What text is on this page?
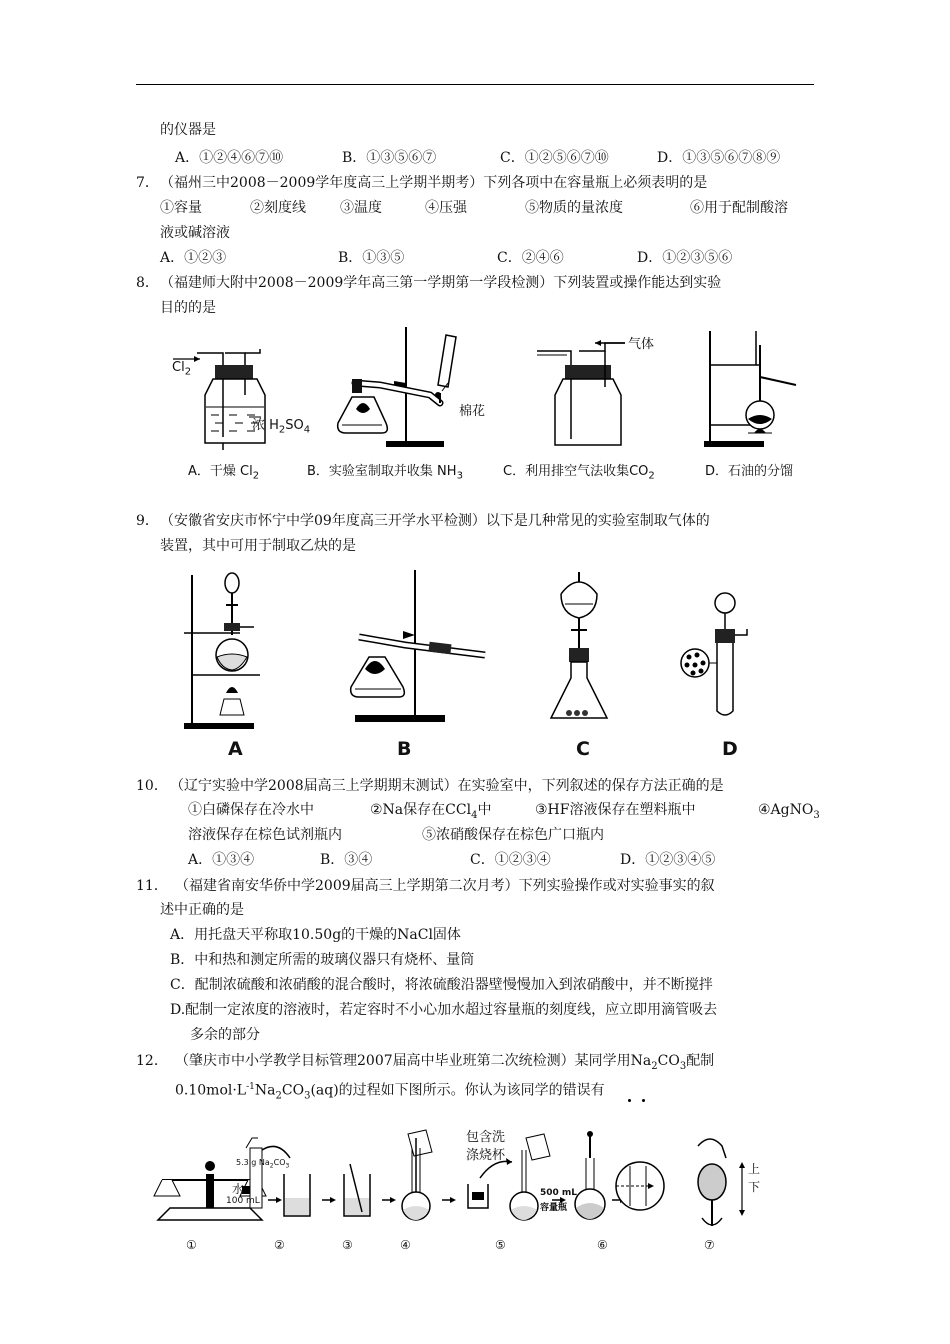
的仪器是
A．①②④⑥⑦⑩	B．①③⑤⑥⑦	C．①②⑤⑥⑦⑩	D．①③⑤⑥⑦⑧⑨
7． （福州三中2008－2009学年度高三上学期半期考）下列各项中在容量瓶上必须表明的是
①容量	②刻度线 ③温度	④压强	⑤物质的量浓度	⑥用于配制酸溶
液或碱溶液
A．①②③	B．①③⑤	C．②④⑥	D．①②③⑤⑥
8． （福建师大附中2008－2009学年高三第一学期第一学段检测）下列装置或操作能达到实验
目的的是
$Cl_2$
浓 $H_2SO_4$
棉花
气体
A．干燥 $Cl_2$	B．实验室制取并收集 $NH_3$	C．利用排空气法收集$CO_2$	D．石油的分馏
9． （安徽省安庆市怀宁中学09年度高三开学水平检测）以下是几种常见的实验室制取气体的
装置，其中可用于制取乙炔的是
A	B	C	D
10． （辽宁实验中学2008届高三上学期期末测试）在实验室中，下列叙述的保存方法正确的是
①白磷保存在冷水中	②Na保存在CCl$_4$中	③HF溶液保存在塑料瓶中	④AgNO$_3$
溶液保存在棕色试剂瓶内	⑤浓硝酸保存在棕色广口瓶内
A．①③④	B．③④	C．①②③④	D．①②③④⑤
11． （福建省南安华侨中学2009届高三上学期第二次月考）下列实验操作或对实验事实的叙
述中正确的是
A．用托盘天平称取10.50g的干燥的NaCl固体
B．中和热和测定所需的玻璃仪器只有烧杯、量筒
C．配制浓硫酸和浓硝酸的混合酸时，将浓硫酸沿器壁慢慢加入到浓硝酸中，并不断搅拌
D.配制一定浓度的溶液时，若定容时不小心加水超过容量瓶的刻度线，应立即用滴管吸去
多余的部分
12． （肇庆市中小学教学目标管理2007届高中毕业班第二次统检测）某同学用$Na_2CO_3$配制
$0.10mol\cdot L^{-1}Na_2CO_3(aq)$的过程如下图所示。你认为该同学的错误有
5.3 g $Na_2CO_3$
水
100 mL
包含洗
涤烧杯
500 mL
容量瓶
上
下
①	②	③	④	⑤	⑥	⑦
